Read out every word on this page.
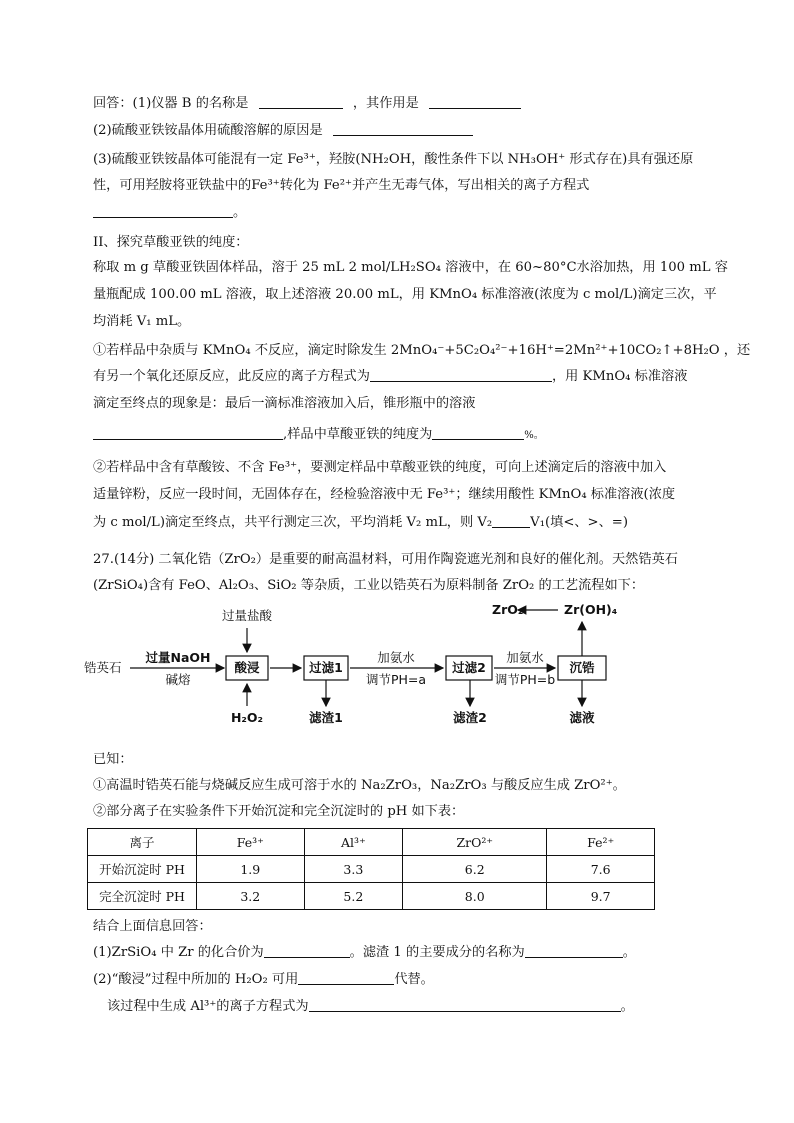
回答：(1)仪器 B 的名称是	，其作用是
(2)硫酸亚铁铵晶体用硫酸溶解的原因是
(3)硫酸亚铁铵晶体可能混有一定 Fe³⁺，羟胺(NH₂OH，酸性条件下以 NH₃OH⁺ 形式存在)具有强还原
性，可用羟胺将亚铁盐中的Fe³⁺转化为 Fe²⁺并产生无毒气体，写出相关的离子方程式
。
II、探究草酸亚铁的纯度：
称取 m g 草酸亚铁固体样品，溶于 25 mL 2 mol/LH₂SO₄ 溶液中，在 60~80°C水浴加热，用 100 mL 容
量瓶配成 100.00 mL 溶液，取上述溶液 20.00 mL，用 KMnO₄ 标准溶液(浓度为 c mol/L)滴定三次，平
均消耗 V₁ mL。
①若样品中杂质与 KMnO₄ 不反应，滴定时除发生 2MnO₄⁻+5C₂O₄²⁻+16H⁺=2Mn²⁺+10CO₂↑+8H₂O ，还
有另一个氧化还原反应，此反应的离子方程式为	，用 KMnO₄ 标准溶液
滴定至终点的现象是：最后一滴标准溶液加入后，锥形瓶中的溶液
,样品中草酸亚铁的纯度为	%。
②若样品中含有草酸铵、不含 Fe³⁺，要测定样品中草酸亚铁的纯度，可向上述滴定后的溶液中加入
适量锌粉，反应一段时间，无固体存在，经检验溶液中无 Fe³⁺；继续用酸性 KMnO₄ 标准溶液(浓度
为 c mol/L)滴定至终点，共平行测定三次，平均消耗 V₂ mL，则 V₂	V₁(填<、>、=)
27.(14分) 二氧化锆（ZrO₂）是重要的耐高温材料，可用作陶瓷遮光剂和良好的催化剂。天然锆英石
(ZrSiO₄)含有 FeO、Al₂O₃、SiO₂ 等杂质，工业以锆英石为原料制备 ZrO₂ 的工艺流程如下：
锆英石
过量NaOH
碱熔
酸浸
过量盐酸
H₂O₂
过滤1
滤渣1
加氨水
调节PH=a
过滤2
滤渣2
加氨水
调节PH=b
沉锆
滤液
Zr(OH)₄
ZrO₂
已知：
①高温时锆英石能与烧碱反应生成可溶于水的 Na₂ZrO₃，Na₂ZrO₃ 与酸反应生成 ZrO²⁺。
②部分离子在实验条件下开始沉淀和完全沉淀时的 pH 如下表：
离子	Fe³⁺	Al³⁺	ZrO²⁺	Fe²⁺
开始沉淀时 PH	1.9	3.3	6.2	7.6
完全沉淀时 PH	3.2	5.2	8.0	9.7
结合上面信息回答：
(1)ZrSiO₄ 中 Zr 的化合价为	。滤渣 1 的主要成分的名称为	。
(2)“酸浸”过程中所加的 H₂O₂ 可用	代替。
该过程中生成 Al³⁺的离子方程式为	。
